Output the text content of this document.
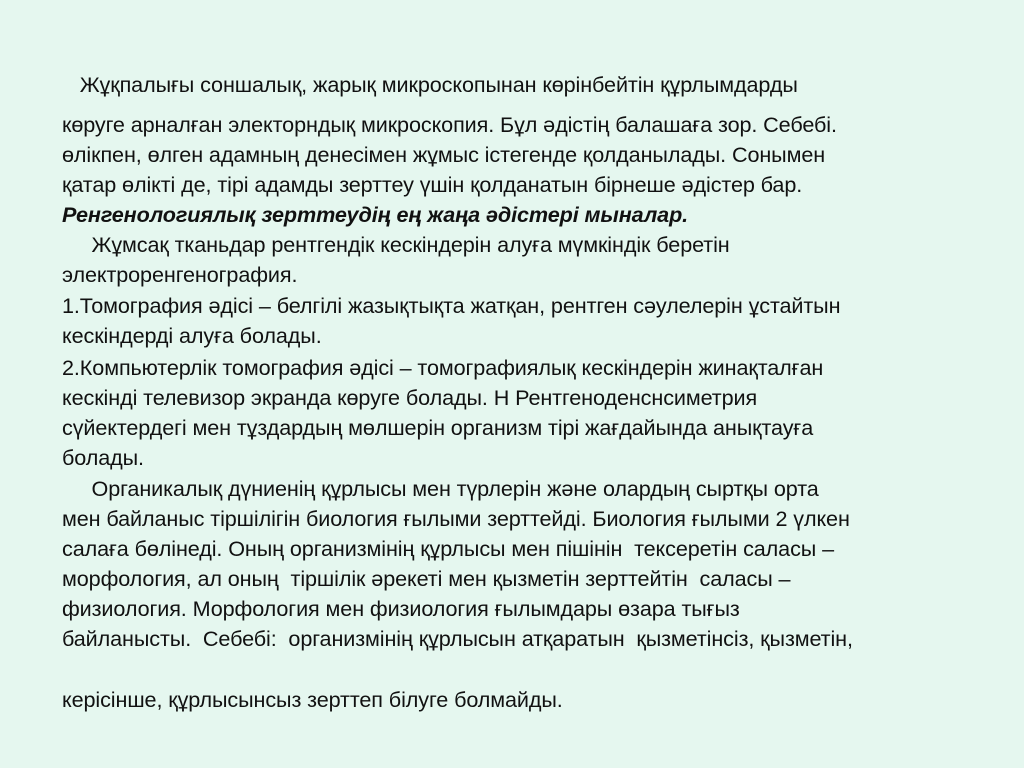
Жұқпалығы соншалық, жарық микроскопынан көрінбейтін құрлымдарды
көруге арналған электорндық микроскопия. Бұл әдістің балашаға зор. Себебі.
өлікпен, өлген адамның денесімен жұмыс істегенде қолданылады. Сонымен
қатар өлікті де, тірі адамды зерттеу үшін қолданатын бірнеше әдістер бар.
Ренгенологиялық зерттеудің ең жаңа әдістері мыналар.
Жұмсақ тканьдар рентгендік кескіндерін алуға мүмкіндік беретін
электроренгенография.
1.Томография әдісі – белгілі жазықтықта жатқан, рентген сәулелерін ұстайтын
кескіндерді алуға болады.
2.Компьютерлік томография әдісі – томографиялық кескіндерін жинақталған
кескінді телевизор экранда көруге болады. Н Рентгеноденснсиметрия
сүйектердегі мен тұздардың мөлшерін организм тірі жағдайында анықтауға
болады.
Органикалық дүниенің құрлысы мен түрлерін және олардың сыртқы орта
мен байланыс тіршілігін биология ғылыми зерттейді. Биология ғылыми 2 үлкен
салаға бөлінеді. Оның организмінің құрлысы мен пішінін  тексеретін саласы –
морфология, ал оның  тіршілік әрекеті мен қызметін зерттейтін  саласы –
физиология. Морфология мен физиология ғылымдары өзара тығыз
байланысты.  Себебі:  организмінің құрлысын атқаратын  қызметінсіз, қызметін,
керісінше, құрлысынсыз зерттеп білуге болмайды.
